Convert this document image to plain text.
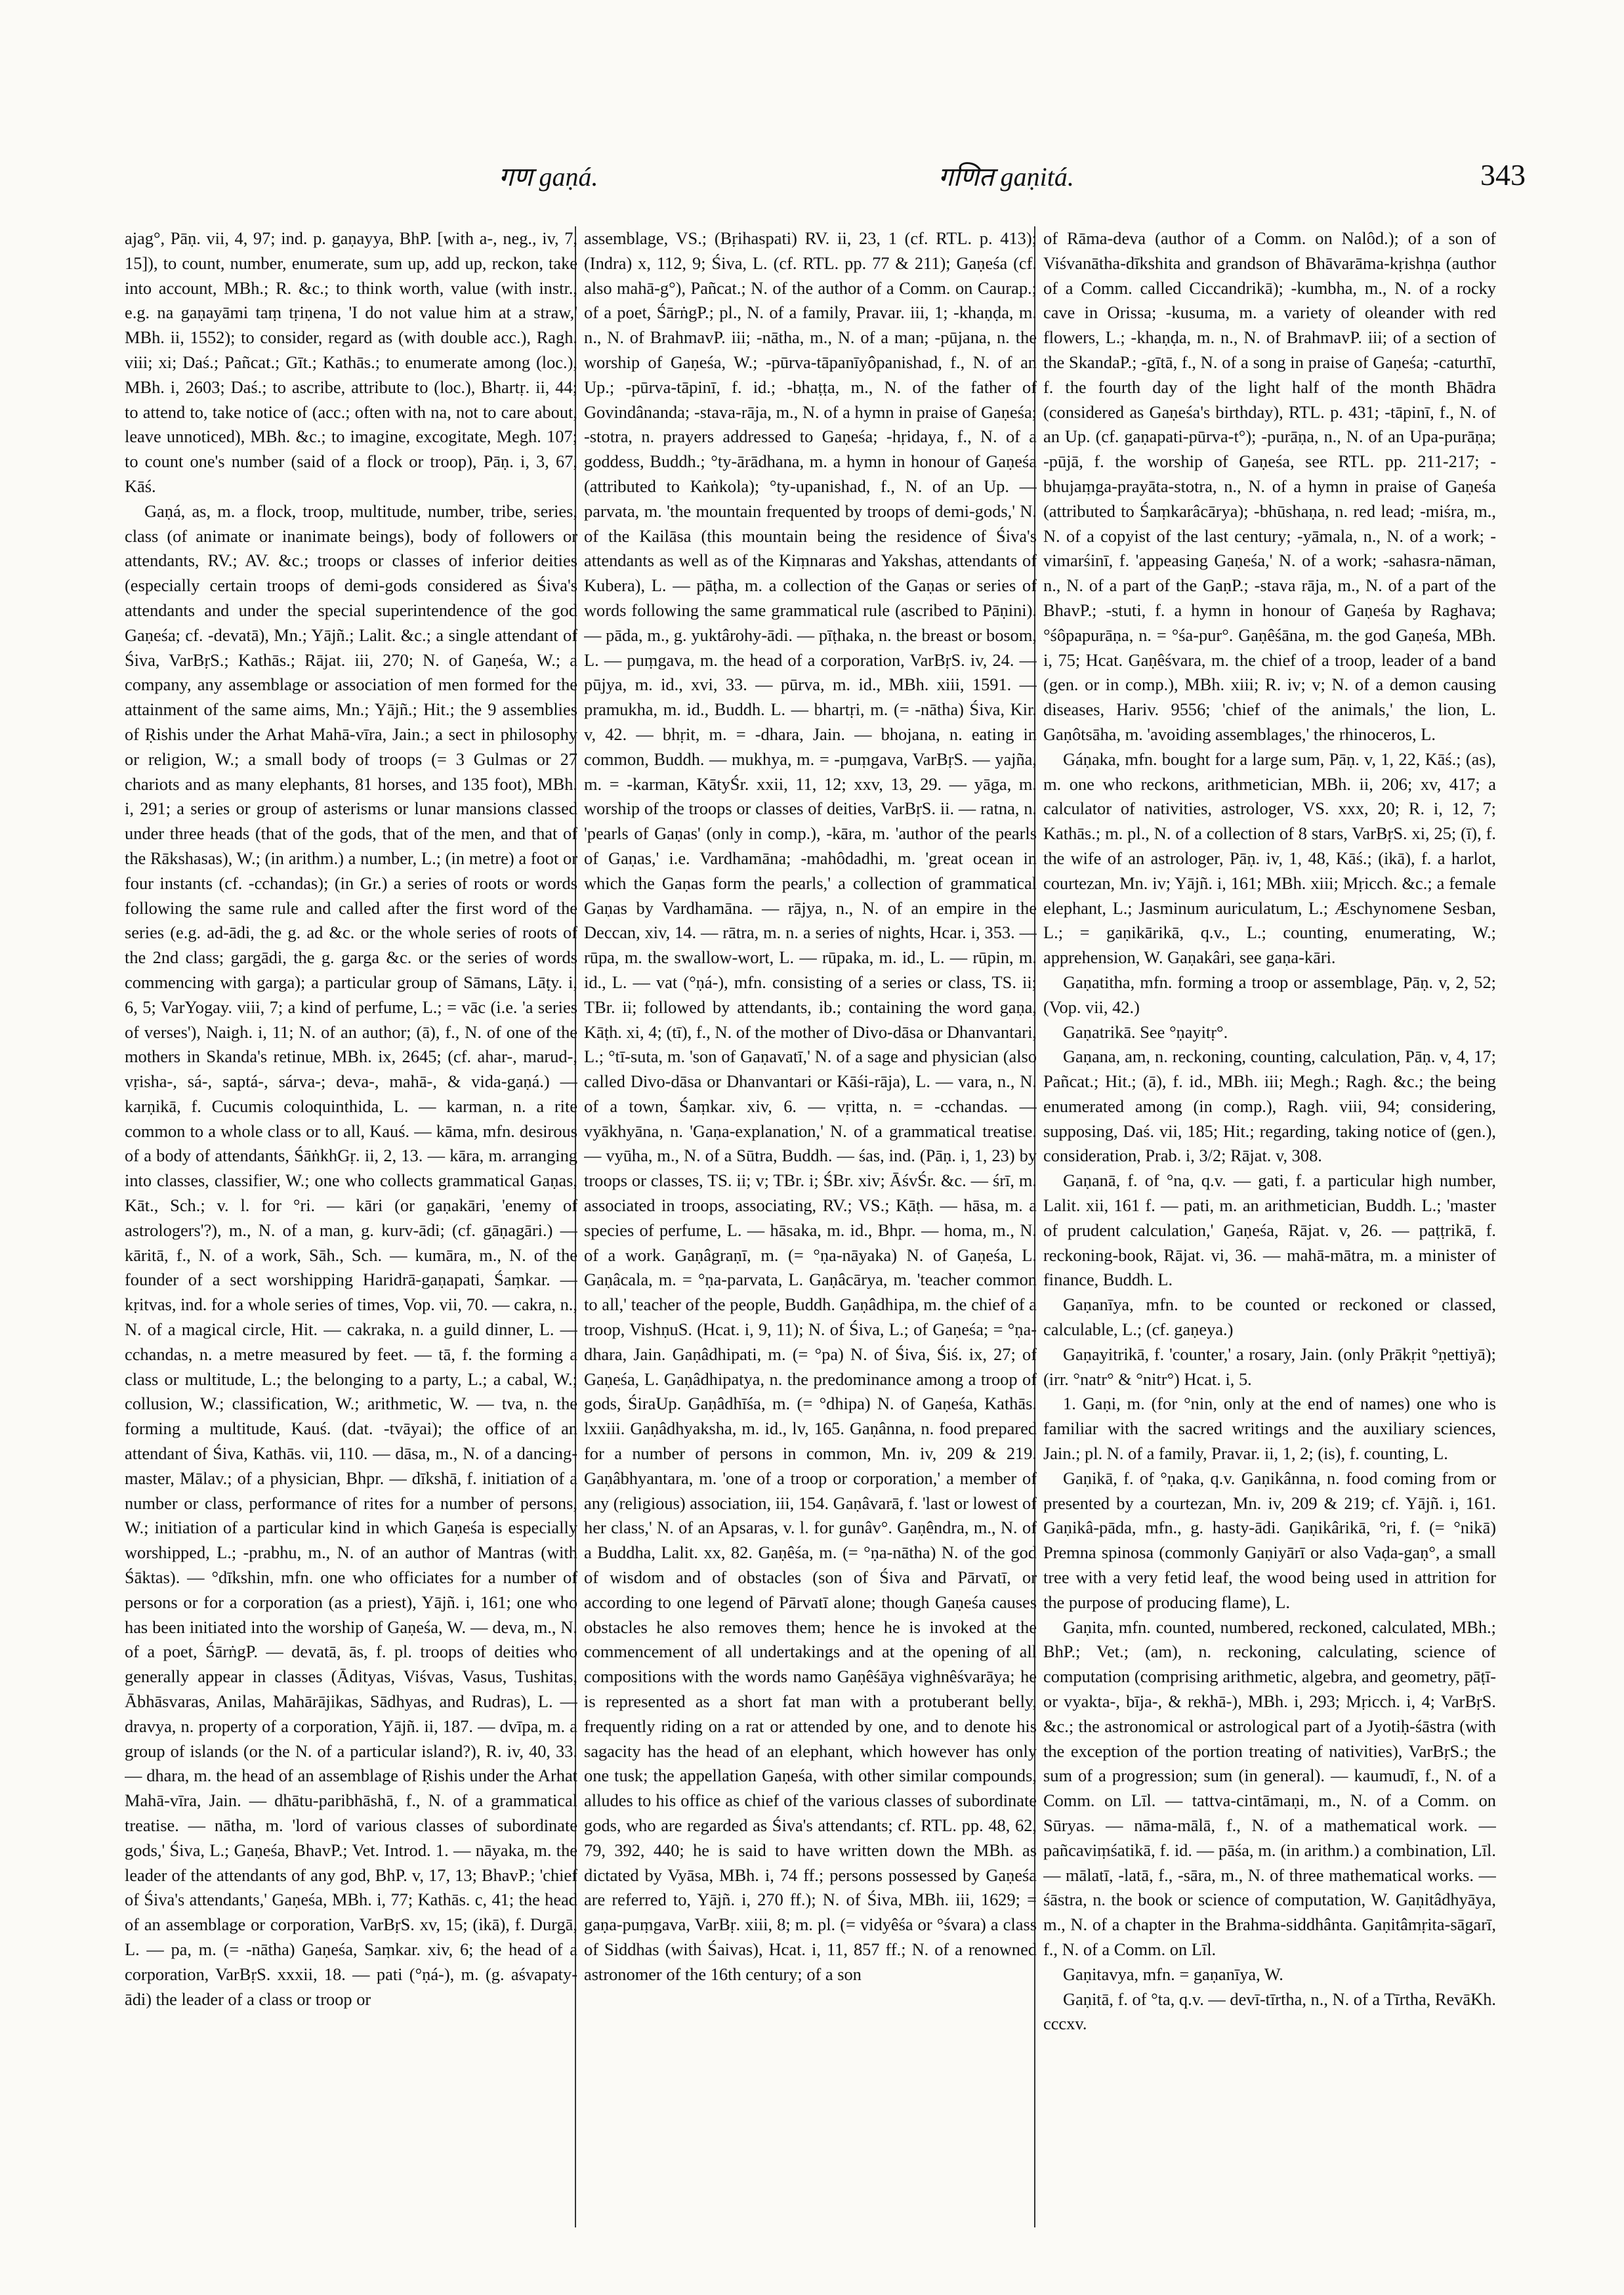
गण gaṇá.	गणित gaṇitá.	343

ajag°, Pāṇ. vii, 4, 97; ind. p. gaṇayya, BhP. [with a-, neg., iv, 7, 15]), to count, number, enumerate, sum up, add up, reckon, take into account, MBh.; R. &c.; to think worth, value (with instr., e.g. na gaṇayāmi taṃ tṛiṇena, 'I do not value him at a straw,' MBh. ii, 1552); to consider, regard as (with double acc.), Ragh. viii; xi; Daś.; Pañcat.; Gīt.; Kathās.; to enumerate among (loc.), MBh. i, 2603; Daś.; to ascribe, attribute to (loc.), Bhartṛ. ii, 44; to attend to, take notice of (acc.; often with na, not to care about, leave unnoticed), MBh. &c.; to imagine, excogitate, Megh. 107; to count one's number (said of a flock or troop), Pāṇ. i, 3, 67, Kāś.

Gaṇá, as, m. a flock, troop, multitude, number, tribe, series, class (of animate or inanimate beings), body of followers or attendants, RV.; AV. &c.; troops or classes of inferior deities (especially certain troops of demi-gods considered as Śiva's attendants and under the special superintendence of the god Gaṇeśa; cf. -devatā), Mn.; Yājñ.; Lalit. &c.; a single attendant of Śiva, VarBṛS.; Kathās.; Rājat. iii, 270; N. of Gaṇeśa, W.; a company, any assemblage or association of men formed for the attainment of the same aims, Mn.; Yājñ.; Hit.; the 9 assemblies of Ṛishis under the Arhat Mahā-vīra, Jain.; a sect in philosophy or religion, W.; a small body of troops (= 3 Gulmas or 27 chariots and as many elephants, 81 horses, and 135 foot), MBh. i, 291; a series or group of asterisms or lunar mansions classed under three heads (that of the gods, that of the men, and that of the Rākshasas), W.; (in arithm.) a number, L.; (in metre) a foot or four instants (cf. -cchandas); (in Gr.) a series of roots or words following the same rule and called after the first word of the series (e.g. ad-ādi, the g. ad &c. or the whole series of roots of the 2nd class; gargādi, the g. garga &c. or the series of words commencing with garga); a particular group of Sāmans, Lāṭy. i, 6, 5; VarYogay. viii, 7; a kind of perfume, L.; = vāc (i.e. 'a series of verses'), Naigh. i, 11; N. of an author; (ā), f., N. of one of the mothers in Skanda's retinue, MBh. ix, 2645; (cf. ahar-, marud-, vṛisha-, sá-, saptá-, sárva-; deva-, mahā-, & vida-gaṇá.) — karṇikā, f. Cucumis coloquinthida, L. — karman, n. a rite common to a whole class or to all, Kauś. — kāma, mfn. desirous of a body of attendants, ŚāṅkhGṛ. ii, 2, 13. — kāra, m. arranging into classes, classifier, W.; one who collects grammatical Gaṇas, Kāt., Sch.; v. l. for °ri. — kāri (or gaṇakāri, 'enemy of astrologers'?), m., N. of a man, g. kurv-ādi; (cf. gāṇagāri.) — kāritā, f., N. of a work, Sāh., Sch. — kumāra, m., N. of the founder of a sect worshipping Haridrā-gaṇapati, Śaṃkar. — kṛitvas, ind. for a whole series of times, Vop. vii, 70. — cakra, n., N. of a magical circle, Hit. — cakraka, n. a guild dinner, L. — cchandas, n. a metre measured by feet. — tā, f. the forming a class or multitude, L.; the belonging to a party, L.; a cabal, W.; collusion, W.; classification, W.; arithmetic, W. — tva, n. the forming a multitude, Kauś. (dat. -tvāyai); the office of an attendant of Śiva, Kathās. vii, 110. — dāsa, m., N. of a dancing-master, Mālav.; of a physician, Bhpr. — dīkshā, f. initiation of a number or class, performance of rites for a number of persons, W.; initiation of a particular kind in which Gaṇeśa is especially worshipped, L.; -prabhu, m., N. of an author of Mantras (with Śāktas). — °dīkshin, mfn. one who officiates for a number of persons or for a corporation (as a priest), Yājñ. i, 161; one who has been initiated into the worship of Gaṇeśa, W. — deva, m., N. of a poet, ŚārṅgP. — devatā, ās, f. pl. troops of deities who generally appear in classes (Ādityas, Viśvas, Vasus, Tushitas, Ābhāsvaras, Anilas, Mahārājikas, Sādhyas, and Rudras), L. — dravya, n. property of a corporation, Yājñ. ii, 187. — dvīpa, m. a group of islands (or the N. of a particular island?), R. iv, 40, 33. — dhara, m. the head of an assemblage of Ṛishis under the Arhat Mahā-vīra, Jain. — dhātu-paribhāshā, f., N. of a grammatical treatise. — nātha, m. 'lord of various classes of subordinate gods,' Śiva, L.; Gaṇeśa, BhavP.; Vet. Introd. 1. — nāyaka, m. the leader of the attendants of any god, BhP. v, 17, 13; BhavP.; 'chief of Śiva's attendants,' Gaṇeśa, MBh. i, 77; Kathās. c, 41; the head of an assemblage or corporation, VarBṛS. xv, 15; (ikā), f. Durgā, L. — pa, m. (= -nātha) Gaṇeśa, Saṃkar. xiv, 6; the head of a corporation, VarBṛS. xxxii, 18. — pati (°ṇá-), m. (g. aśvapaty-ādi) the leader of a class or troop or

assemblage, VS.; (Bṛihaspati) RV. ii, 23, 1 (cf. RTL. p. 413); (Indra) x, 112, 9; Śiva, L. (cf. RTL. pp. 77 & 211); Gaṇeśa (cf. also mahā-g°), Pañcat.; N. of the author of a Comm. on Caurap.; of a poet, ŚārṅgP.; pl., N. of a family, Pravar. iii, 1; -khaṇḍa, m. n., N. of BrahmavP. iii; -nātha, m., N. of a man; -pūjana, n. the worship of Gaṇeśa, W.; -pūrva-tāpanīyôpanishad, f., N. of an Up.; -pūrva-tāpinī, f. id.; -bhaṭṭa, m., N. of the father of Govindânanda; -stava-rāja, m., N. of a hymn in praise of Gaṇeśa; -stotra, n. prayers addressed to Gaṇeśa; -hṛidaya, f., N. of a goddess, Buddh.; °ty-ārādhana, m. a hymn in honour of Gaṇeśa (attributed to Kaṅkola); °ty-upanishad, f., N. of an Up. — parvata, m. 'the mountain frequented by troops of demi-gods,' N. of the Kailāsa (this mountain being the residence of Śiva's attendants as well as of the Kiṃnaras and Yakshas, attendants of Kubera), L. — pāṭha, m. a collection of the Gaṇas or series of words following the same grammatical rule (ascribed to Pāṇini). — pāda, m., g. yuktârohy-ādi. — pīṭhaka, n. the breast or bosom, L. — puṃgava, m. the head of a corporation, VarBṛS. iv, 24. — pūjya, m. id., xvi, 33. — pūrva, m. id., MBh. xiii, 1591. — pramukha, m. id., Buddh. L. — bhartṛi, m. (= -nātha) Śiva, Kir. v, 42. — bhṛit, m. = -dhara, Jain. — bhojana, n. eating in common, Buddh. — mukhya, m. = -puṃgava, VarBṛS. — yajña, m. = -karman, KātyŚr. xxii, 11, 12; xxv, 13, 29. — yāga, m. worship of the troops or classes of deities, VarBṛS. ii. — ratna, n. 'pearls of Gaṇas' (only in comp.), -kāra, m. 'author of the pearls of Gaṇas,' i.e. Vardhamāna; -mahôdadhi, m. 'great ocean in which the Gaṇas form the pearls,' a collection of grammatical Gaṇas by Vardhamāna. — rājya, n., N. of an empire in the Deccan, xiv, 14. — rātra, m. n. a series of nights, Hcar. i, 353. — rūpa, m. the swallow-wort, L. — rūpaka, m. id., L. — rūpin, m. id., L. — vat (°ṇá-), mfn. consisting of a series or class, TS. ii; TBr. ii; followed by attendants, ib.; containing the word gaṇa, Kāṭh. xi, 4; (tī), f., N. of the mother of Divo-dāsa or Dhanvantari, L.; °tī-suta, m. 'son of Gaṇavatī,' N. of a sage and physician (also called Divo-dāsa or Dhanvantari or Kāśi-rāja), L. — vara, n., N. of a town, Śaṃkar. xiv, 6. — vṛitta, n. = -cchandas. — vyākhyāna, n. 'Gaṇa-explanation,' N. of a grammatical treatise. — vyūha, m., N. of a Sūtra, Buddh. — śas, ind. (Pāṇ. i, 1, 23) by troops or classes, TS. ii; v; TBr. i; ŚBr. xiv; ĀśvŚr. &c. — śrī, m. associated in troops, associating, RV.; VS.; Kāṭh. — hāsa, m. a species of perfume, L. — hāsaka, m. id., Bhpr. — homa, m., N. of a work. Gaṇâgraṇī, m. (= °ṇa-nāyaka) N. of Gaṇeśa, L. Gaṇâcala, m. = °ṇa-parvata, L. Gaṇâcārya, m. 'teacher common to all,' teacher of the people, Buddh. Gaṇâdhipa, m. the chief of a troop, VishṇuS. (Hcat. i, 9, 11); N. of Śiva, L.; of Gaṇeśa; = °ṇa-dhara, Jain. Gaṇâdhipati, m. (= °pa) N. of Śiva, Śiś. ix, 27; of Gaṇeśa, L. Gaṇâdhipatya, n. the predominance among a troop of gods, ŚiraUp. Gaṇâdhīśa, m. (= °dhipa) N. of Gaṇeśa, Kathās. lxxiii. Gaṇâdhyaksha, m. id., lv, 165. Gaṇânna, n. food prepared for a number of persons in common, Mn. iv, 209 & 219. Gaṇâbhyantara, m. 'one of a troop or corporation,' a member of any (religious) association, iii, 154. Gaṇâvarā, f. 'last or lowest of her class,' N. of an Apsaras, v. l. for gunâv°. Gaṇêndra, m., N. of a Buddha, Lalit. xx, 82. Gaṇêśa, m. (= °ṇa-nātha) N. of the god of wisdom and of obstacles (son of Śiva and Pārvatī, or according to one legend of Pārvatī alone; though Gaṇeśa causes obstacles he also removes them; hence he is invoked at the commencement of all undertakings and at the opening of all compositions with the words namo Gaṇêśāya vighnêśvarāya; he is represented as a short fat man with a protuberant belly, frequently riding on a rat or attended by one, and to denote his sagacity has the head of an elephant, which however has only one tusk; the appellation Gaṇeśa, with other similar compounds, alludes to his office as chief of the various classes of subordinate gods, who are regarded as Śiva's attendants; cf. RTL. pp. 48, 62, 79, 392, 440; he is said to have written down the MBh. as dictated by Vyāsa, MBh. i, 74 ff.; persons possessed by Gaṇeśa are referred to, Yājñ. i, 270 ff.); N. of Śiva, MBh. iii, 1629; = gaṇa-puṃgava, VarBṛ. xiii, 8; m. pl. (= vidyêśa or °śvara) a class of Siddhas (with Śaivas), Hcat. i, 11, 857 ff.; N. of a renowned astronomer of the 16th century; of a son

of Rāma-deva (author of a Comm. on Nalôd.); of a son of Viśvanātha-dīkshita and grandson of Bhāvarāma-kṛishṇa (author of a Comm. called Ciccandrikā); -kumbha, m., N. of a rocky cave in Orissa; -kusuma, m. a variety of oleander with red flowers, L.; -khaṇḍa, m. n., N. of BrahmavP. iii; of a section of the SkandaP.; -gītā, f., N. of a song in praise of Gaṇeśa; -caturthī, f. the fourth day of the light half of the month Bhādra (considered as Gaṇeśa's birthday), RTL. p. 431; -tāpinī, f., N. of an Up. (cf. gaṇapati-pūrva-t°); -purāṇa, n., N. of an Upa-purāṇa; -pūjā, f. the worship of Gaṇeśa, see RTL. pp. 211-217; -bhujaṃga-prayāta-stotra, n., N. of a hymn in praise of Gaṇeśa (attributed to Śaṃkarâcārya); -bhūshaṇa, n. red lead; -miśra, m., N. of a copyist of the last century; -yāmala, n., N. of a work; -vimarśinī, f. 'appeasing Gaṇeśa,' N. of a work; -sahasra-nāman, n., N. of a part of the GaṇP.; -stava rāja, m., N. of a part of the BhavP.; -stuti, f. a hymn in honour of Gaṇeśa by Raghava; °śôpapurāṇa, n. = °śa-pur°. Gaṇêśāna, m. the god Gaṇeśa, MBh. i, 75; Hcat. Gaṇêśvara, m. the chief of a troop, leader of a band (gen. or in comp.), MBh. xiii; R. iv; v; N. of a demon causing diseases, Hariv. 9556; 'chief of the animals,' the lion, L. Gaṇôtsāha, m. 'avoiding assemblages,' the rhinoceros, L.

Gáṇaka, mfn. bought for a large sum, Pāṇ. v, 1, 22, Kāś.; (as), m. one who reckons, arithmetician, MBh. ii, 206; xv, 417; a calculator of nativities, astrologer, VS. xxx, 20; R. i, 12, 7; Kathās.; m. pl., N. of a collection of 8 stars, VarBṛS. xi, 25; (ī), f. the wife of an astrologer, Pāṇ. iv, 1, 48, Kāś.; (ikā), f. a harlot, courtezan, Mn. iv; Yājñ. i, 161; MBh. xiii; Mṛicch. &c.; a female elephant, L.; Jasminum auriculatum, L.; Æschynomene Sesban, L.; = gaṇikārikā, q.v., L.; counting, enumerating, W.; apprehension, W. Gaṇakâri, see gaṇa-kāri.

Gaṇatitha, mfn. forming a troop or assemblage, Pāṇ. v, 2, 52; (Vop. vii, 42.)

Gaṇatrikā. See °ṇayitṛ°.

Gaṇana, am, n. reckoning, counting, calculation, Pāṇ. v, 4, 17; Pañcat.; Hit.; (ā), f. id., MBh. iii; Megh.; Ragh. &c.; the being enumerated among (in comp.), Ragh. viii, 94; considering, supposing, Daś. vii, 185; Hit.; regarding, taking notice of (gen.), consideration, Prab. i, 3/2; Rājat. v, 308.

Gaṇanā, f. of °na, q.v. — gati, f. a particular high number, Lalit. xii, 161 f. — pati, m. an arithmetician, Buddh. L.; 'master of prudent calculation,' Gaṇeśa, Rājat. v, 26. — paṭṭrikā, f. reckoning-book, Rājat. vi, 36. — mahā-mātra, m. a minister of finance, Buddh. L.

Gaṇanīya, mfn. to be counted or reckoned or classed, calculable, L.; (cf. gaṇeya.)

Gaṇayitrikā, f. 'counter,' a rosary, Jain. (only Prākṛit °ṇettiyā); (irr. °natr° & °nitr°) Hcat. i, 5.

1. Gaṇi, m. (for °nin, only at the end of names) one who is familiar with the sacred writings and the auxiliary sciences, Jain.; pl. N. of a family, Pravar. ii, 1, 2; (is), f. counting, L.

Gaṇikā, f. of °ṇaka, q.v. Gaṇikânna, n. food coming from or presented by a courtezan, Mn. iv, 209 & 219; cf. Yājñ. i, 161. Gaṇikâ-pāda, mfn., g. hasty-ādi. Gaṇikârikā, °ri, f. (= °nikā) Premna spinosa (commonly Gaṇiyārī or also Vaḍa-gaṇ°, a small tree with a very fetid leaf, the wood being used in attrition for the purpose of producing flame), L.

Gaṇita, mfn. counted, numbered, reckoned, calculated, MBh.; BhP.; Vet.; (am), n. reckoning, calculating, science of computation (comprising arithmetic, algebra, and geometry, pāṭī- or vyakta-, bīja-, & rekhā-), MBh. i, 293; Mṛicch. i, 4; VarBṛS. &c.; the astronomical or astrological part of a Jyotiḥ-śāstra (with the exception of the portion treating of nativities), VarBṛS.; the sum of a progression; sum (in general). — kaumudī, f., N. of a Comm. on Līl. — tattva-cintāmaṇi, m., N. of a Comm. on Sūryas. — nāma-mālā, f., N. of a mathematical work. — pañcaviṃśatikā, f. id. — pāśa, m. (in arithm.) a combination, Līl. — mālatī, -latā, f., -sāra, m., N. of three mathematical works. — śāstra, n. the book or science of computation, W. Gaṇitâdhyāya, m., N. of a chapter in the Brahma-siddhânta. Gaṇitâmṛita-sāgarī, f., N. of a Comm. on Līl.

Gaṇitavya, mfn. = gaṇanīya, W.

Gaṇitā, f. of °ta, q.v. — devī-tīrtha, n., N. of a Tīrtha, RevāKh. cccxv.
